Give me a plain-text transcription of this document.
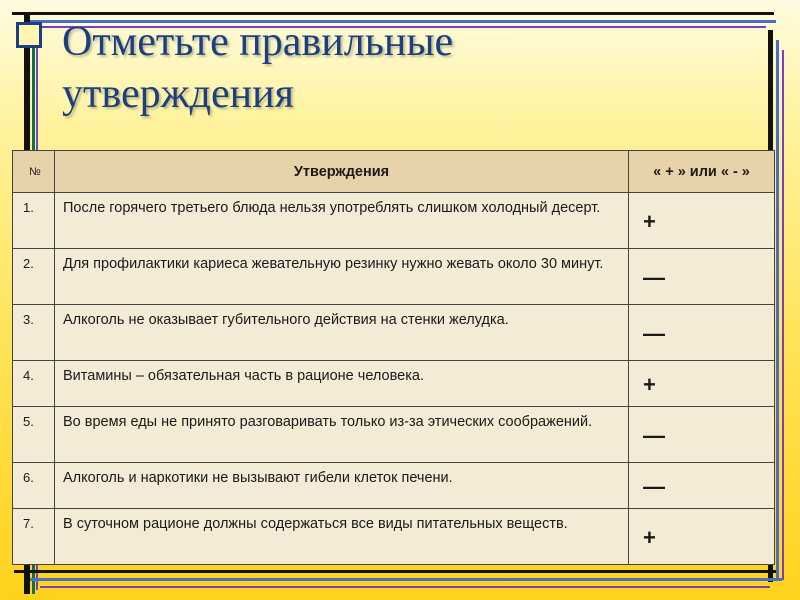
Отметьте правильные утверждения
№	Утверждения	« + » или « - »
1.	После горячего третьего блюда нельзя употреблять слишком холодный десерт.	+
2.	Для профилактики кариеса жевательную резинку нужно жевать около 30 минут.	—
3.	Алкоголь не оказывает губительного действия на стенки желудка.	—
4.	Витамины – обязательная часть в рационе человека.	+
5.	Во время еды не принято разговаривать только из-за этических соображений.	—
6.	Алкоголь и наркотики не вызывают гибели клеток печени.	—
7.	В суточном рационе должны содержаться все виды питательных веществ.	+
